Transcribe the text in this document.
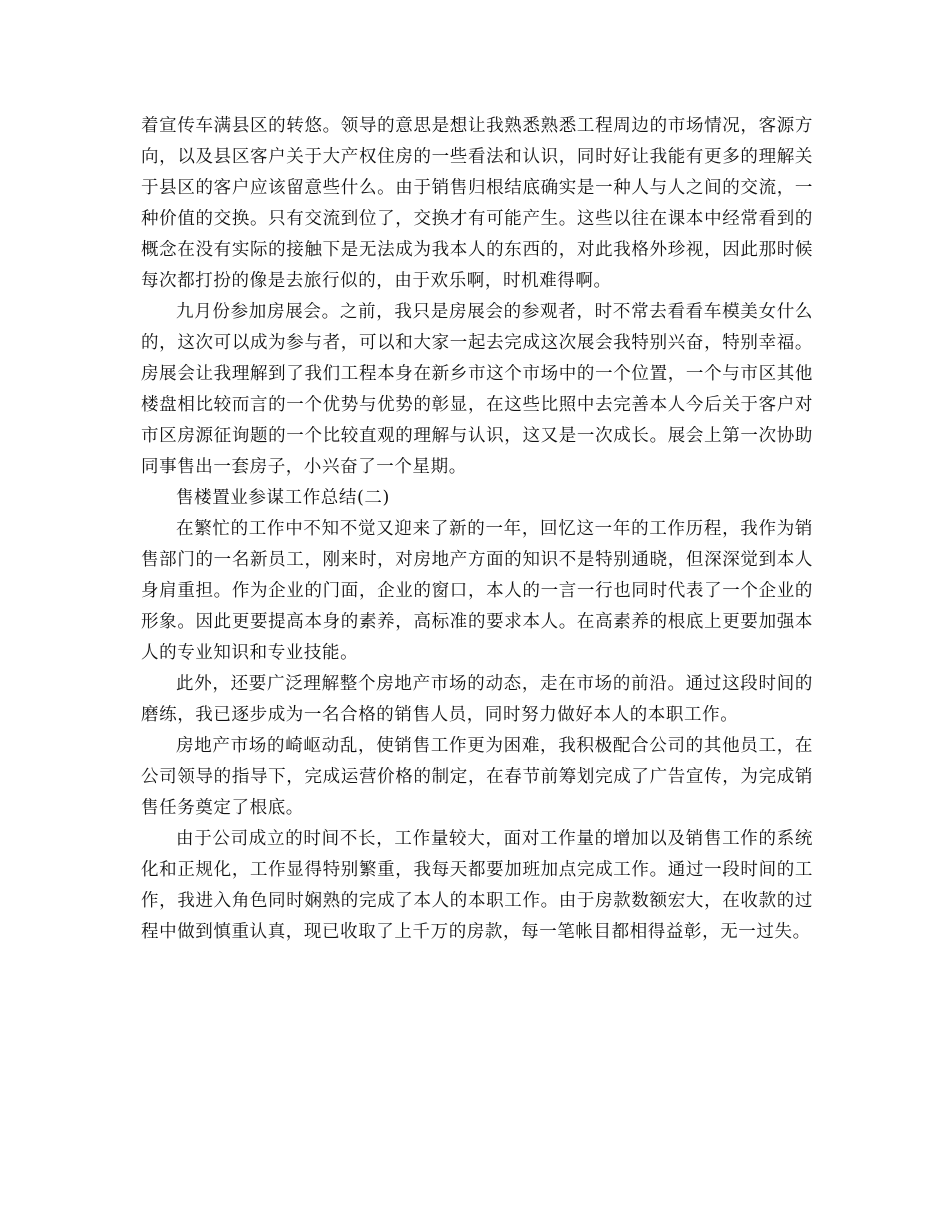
着宣传车满县区的转悠。领导的意思是想让我熟悉熟悉工程周边的市场情况，客源方向，以及县区客户关于大产权住房的一些看法和认识，同时好让我能有更多的理解关于县区的客户应该留意些什么。由于销售归根结底确实是一种人与人之间的交流，一种价值的交换。只有交流到位了，交换才有可能产生。这些以往在课本中经常看到的概念在没有实际的接触下是无法成为我本人的东西的，对此我格外珍视，因此那时候每次都打扮的像是去旅行似的，由于欢乐啊，时机难得啊。

九月份参加房展会。之前，我只是房展会的参观者，时不常去看看车模美女什么的，这次可以成为参与者，可以和大家一起去完成这次展会我特别兴奋，特别幸福。房展会让我理解到了我们工程本身在新乡市这个市场中的一个位置，一个与市区其他楼盘相比较而言的一个优势与优势的彰显，在这些比照中去完善本人今后关于客户对市区房源征询题的一个比较直观的理解与认识，这又是一次成长。展会上第一次协助同事售出一套房子，小兴奋了一个星期。

售楼置业参谋工作总结(二)

在繁忙的工作中不知不觉又迎来了新的一年，回忆这一年的工作历程，我作为销售部门的一名新员工，刚来时，对房地产方面的知识不是特别通晓，但深深觉到本人身肩重担。作为企业的门面，企业的窗口，本人的一言一行也同时代表了一个企业的形象。因此更要提高本身的素养，高标准的要求本人。在高素养的根底上更要加强本人的专业知识和专业技能。

此外，还要广泛理解整个房地产市场的动态，走在市场的前沿。通过这段时间的磨练，我已逐步成为一名合格的销售人员，同时努力做好本人的本职工作。

房地产市场的崎岖动乱，使销售工作更为困难，我积极配合公司的其他员工，在公司领导的指导下，完成运营价格的制定，在春节前筹划完成了广告宣传，为完成销售任务奠定了根底。

由于公司成立的时间不长，工作量较大，面对工作量的增加以及销售工作的系统化和正规化，工作显得特别繁重，我每天都要加班加点完成工作。通过一段时间的工作，我进入角色同时娴熟的完成了本人的本职工作。由于房款数额宏大，在收款的过程中做到慎重认真，现已收取了上千万的房款，每一笔帐目都相得益彰，无一过失。
